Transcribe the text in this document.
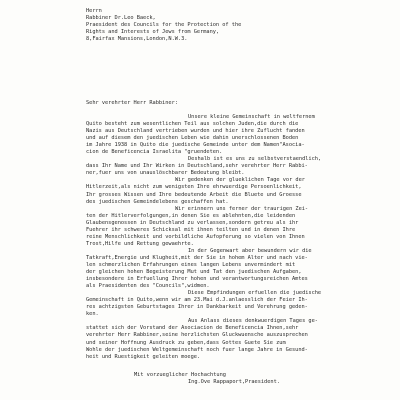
Herrn
Rabbiner Dr.Leo Baeck,
Praesident des Councils for the Protection of the
Rights and Interests of Jews from Germany,
8,Fairfax Mansions,London,N.W.3.
Sehr verehrter Herr Rabbiner:
Unsere kleine Gemeinschaft in weltfernem
Quito besteht zum wesentlichen Teil aus solchen Juden,die durch die
Nazis aus Deutschland vertrieben wurden und hier ihre Zuflucht fanden
und auf diesem den juedischen Leben wie dahin unerschlossenen Boden
im Jahre 1938 in Quito die juedische Gemeinde unter dem Namen"Asocia-
cion de Beneficencia Israelita "gruendeten.
Deshalb ist es uns zu selbstverstaendlich,
dass Ihr Name und Ihr Wirken in Deutschland,sehr verehrter Herr Rabbi-
ner,fuer uns von unauslöschbarer Bedeutung bleibt.
Wir gedenken der glueklichen Tage vor der
Hitlerzeit,als nicht zum wenigsten Ihre ehrwuerdige Persoenlichkeit,
Ihr grosses Wissen und Ihre bedeutende Arbeit die Bluete und Groesse
des juedischen Gemeindelebens geschaffen hat.
Wir erinnern uns ferner der traurigen Zei-
ten der Hitlerverfolgungen,in denen Sie es ablehnten,die leidenden
Glaubensgenossen in Deutschland zu verlassen,sondern getreu als ihr
Fuehrer ihr schweres Schicksal mit ihnen teilten und in denen Ihre
reine Menschlichkeit und vorbildliche Aufopferung so vielen von Ihnen
Trost,Hilfe und Rettung gewaehrte.
In der Gegenwart aber bewundern wir die
Tatkraft,Energie und Klugheit,mit der Sie in hohem Alter und nach vie-
len schmerzlichen Erfahrungen eines langen Lebens unvermindert mit
der gleichen hohen Begeisterung Mut und Tat den juedischen Aufgaben,
insbesondere in Erfuellung Ihrer hohen und verantwortungsreichen Amtes
als Praesidenten des "Councils",widmen.
Diese Empfindungen erfuellen die juedische
Gemeinschaft in Quito,wenn wir am 23.Mai d.J.anlaesslich der Feier Ih-
res achtzigsten Geburtstages Ihrer in Dankbarkeit und Verehrung geden-
ken.
Aus Anlass dieses denkwuerdigen Tages ge-
stattet sich der Vorstand der Asociacion de Beneficencia Ihnen,sehr
verehrter Herr Rabbiner,seine herzlichsten Gluckwuensche auszusprechen
und seiner Hoffnung Ausdruck zu geben,dass Gottes Guete Sie zum
Wohle der juedischen Weltgemeinschaft noch fuer lange Jahre in Gesund-
heit und Ruestigkeit geleiten moege.
Mit vorzueglicher Hochachtung
Ing.Ove Rappaport,Praesident.
